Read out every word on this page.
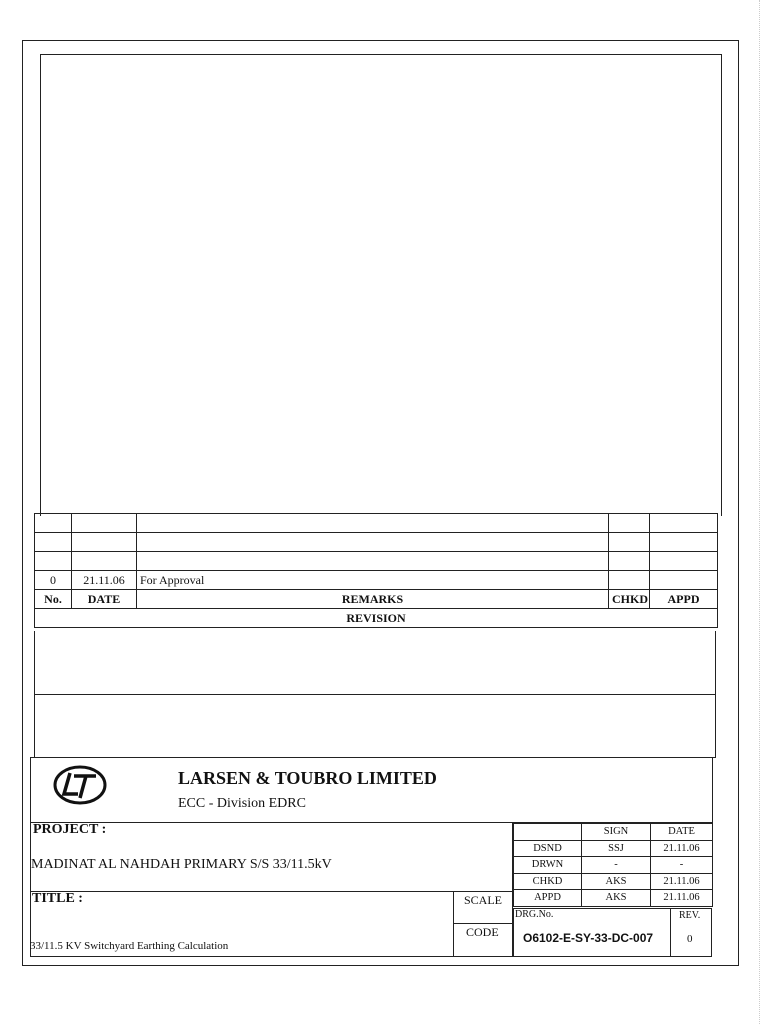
0	21.11.06	For Approval		
No.	DATE	REMARKS	CHKD	APPD
REVISION				
LARSEN & TOUBRO LIMITED
ECC - Division EDRC
PROJECT :
MADINAT AL NAHDAH PRIMARY S/S 33/11.5kV
TITLE :
33/11.5 KV Switchyard Earthing Calculation
SCALE
CODE
	SIGN	DATE
DSND	SSJ	21.11.06
DRWN	-	-
CHKD	AKS	21.11.06
APPD	AKS	21.11.06
DRG.No.
O6102-E-SY-33-DC-007
REV.
0
